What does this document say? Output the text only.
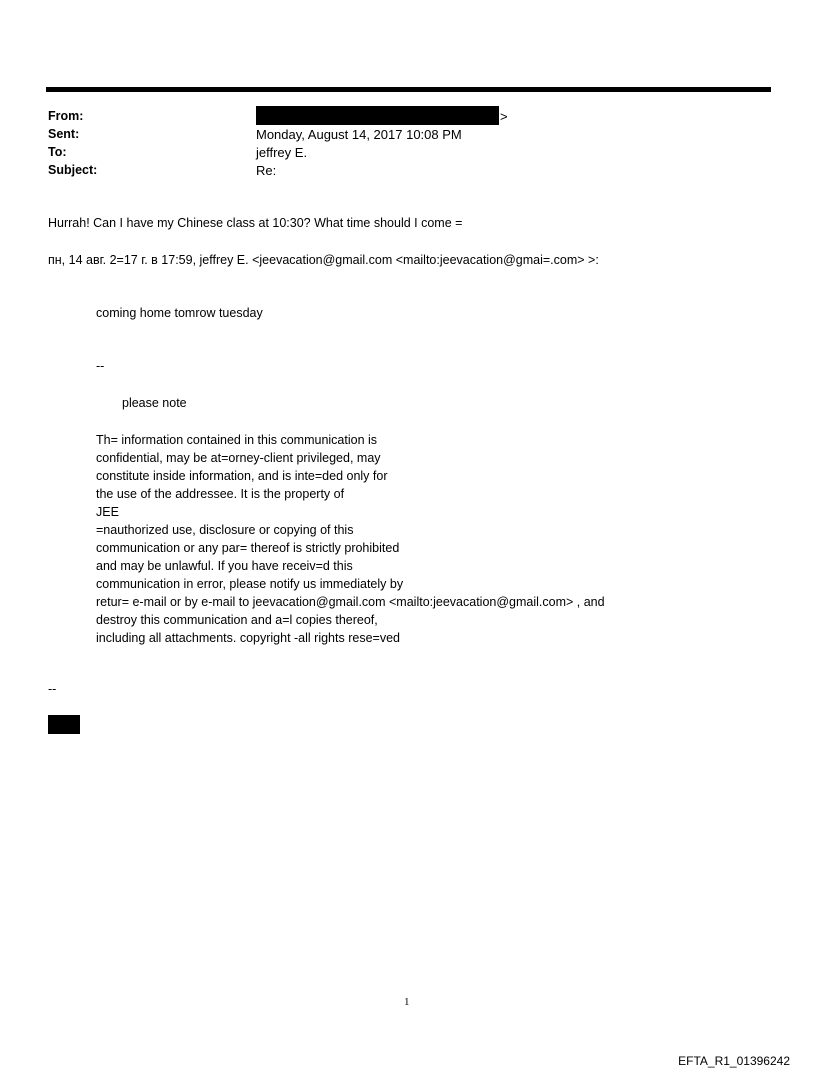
From:	>
Sent:	Monday, August 14, 2017 10:08 PM
To:	jeffrey E.
Subject:	Re:
Hurrah! Can I have my Chinese class at 10:30? What time should I come =
пн, 14 авг. 2=17 г. в 17:59, jeffrey E. <jeevacation@gmail.com <mailto:jeevacation@gmai=.com> >:
coming home tomrow tuesday
--
please note
Th= information contained in this communication is
confidential, may be at=orney-client privileged, may
constitute inside information, and is inte=ded only for
the use of the addressee. It is the property of
JEE
=nauthorized use, disclosure or copying of this
communication or any par= thereof is strictly prohibited
and may be unlawful. If you have receiv=d this
communication in error, please notify us immediately by
retur= e-mail or by e-mail to jeevacation@gmail.com <mailto:jeevacation@gmail.com> , and
destroy this communication and a=l copies thereof,
including all attachments. copyright -all rights rese=ved
--
1
EFTA_R1_01396242
